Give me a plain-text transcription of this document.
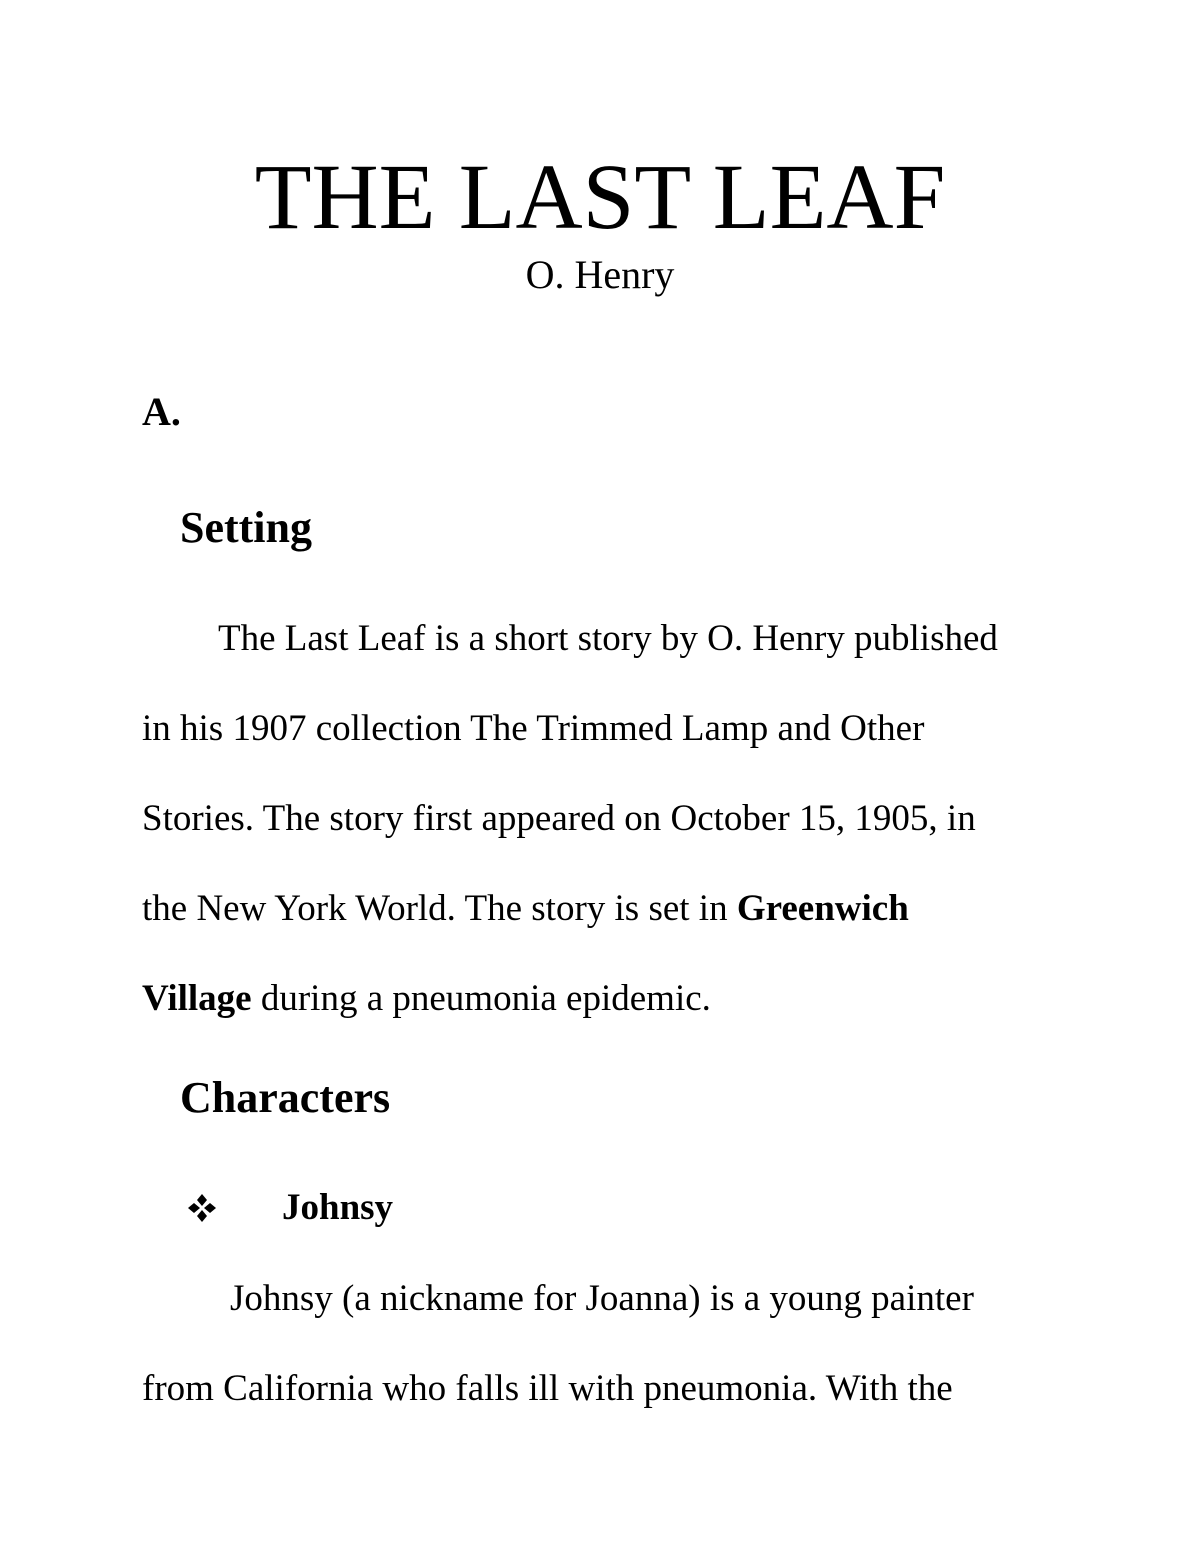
THE LAST LEAF
O. Henry
A.
Setting
The Last Leaf is a short story by O. Henry published
in his 1907 collection The Trimmed Lamp and Other
Stories. The story first appeared on October 15, 1905, in
the New York World. The story is set in Greenwich
Village during a pneumonia epidemic.
Characters
Johnsy
Johnsy (a nickname for Joanna) is a young painter
from California who falls ill with pneumonia. With the
